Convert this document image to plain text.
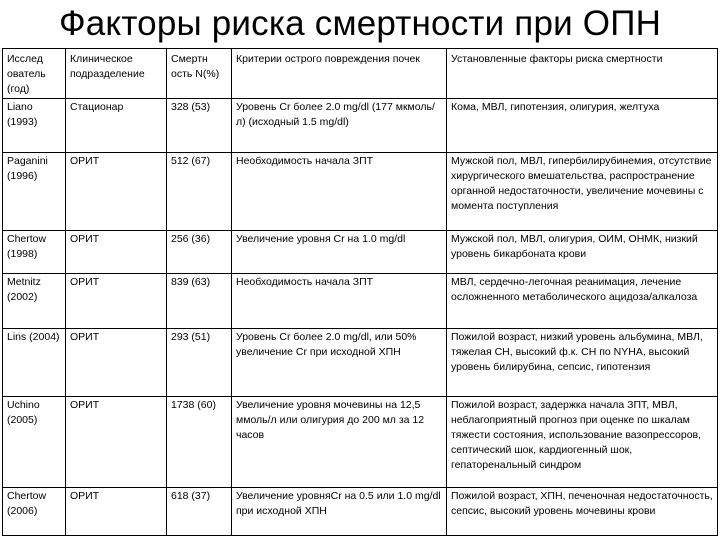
Факторы риска смертности при ОПН
Исслед ователь (год)	Клиническое подразделение	Смертн ость N(%)	Критерии острого повреждения почек	Установленные факторы риска смертности
Liano (1993)	Стационар	328 (53)	Уровень Cr более 2.0 mg/dl (177 мкмоль/л) (исходный 1.5 mg/dl)	Кома, МВЛ, гипотензия, олигурия, желтуха
Paganini (1996)	ОРИТ	512 (67)	Необходимость начала ЗПТ	Мужской пол, МВЛ, гипербилирубинемия, отсутствие хирургического вмешательства, распространение органной недостаточности, увеличение мочевины с момента поступления
Chertow (1998)	ОРИТ	256 (36)	Увеличение уровня Cr на 1.0 mg/dl	Мужской пол, МВЛ, олигурия, ОИМ, ОНМК, низкий уровень бикарбоната крови
Metnitz (2002)	ОРИТ	839 (63)	Необходимость начала ЗПТ	МВЛ, сердечно-легочная реанимация, лечение осложненного метаболического ацидоза/алкалоза
Lins (2004)	ОРИТ	293 (51)	Уровень Cr более 2.0 mg/dl, или 50% увеличение Cr при исходной ХПН	Пожилой возраст, низкий уровень альбумина, МВЛ, тяжелая СН, высокий ф.к. СН по NYHA, высокий уровень билирубина, сепсис, гипотензия
Uchino (2005)	ОРИТ	1738 (60)	Увеличение уровня мочевины на 12,5 ммоль/л или олигурия до 200 мл за 12 часов	Пожилой возраст, задержка начала ЗПТ, МВЛ, неблагоприятный прогноз при оценке по шкалам тяжести состояния, использование вазопрессоров, септический шок, кардиогенный шок, гепаторенальный синдром
Chertow (2006)	ОРИТ	618 (37)	Увеличение уровняCr на 0.5 или 1.0 mg/dl при исходной ХПН	Пожилой возраст, ХПН, печеночная недостаточность, сепсис, высокий уровень мочевины крови
